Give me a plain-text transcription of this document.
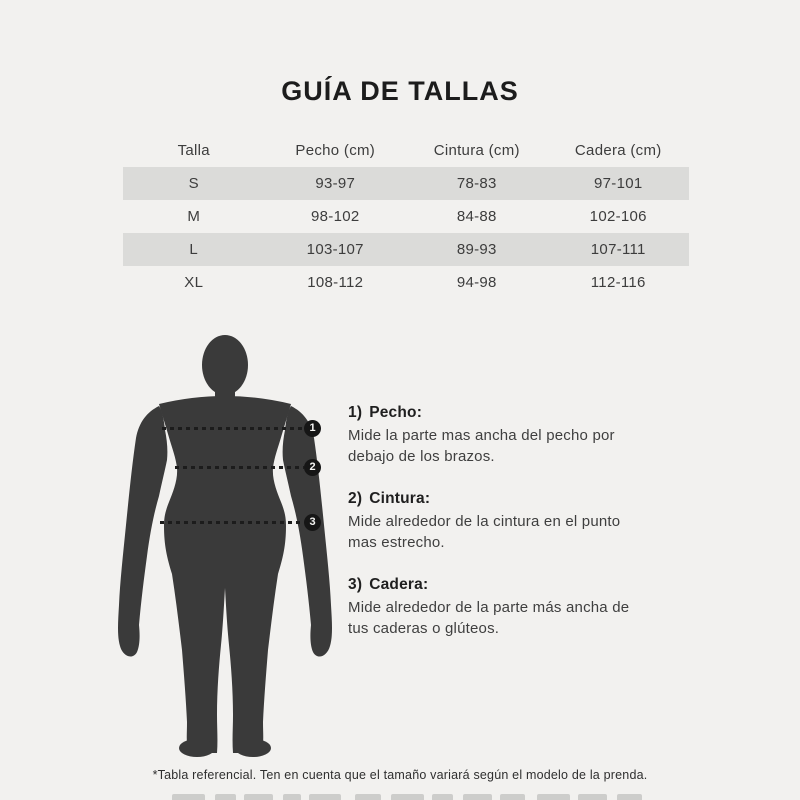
GUÍA DE TALLAS
Talla	Pecho (cm)	Cintura (cm)	Cadera (cm)
S	93-97	78-83	97-101
M	98-102	84-88	102-106
L	103-107	89-93	107-111
XL	108-112	94-98	112-116
1
2
3
1) Pecho:
Mide la parte mas ancha del pecho por
debajo de los brazos.
2) Cintura:
Mide alrededor de la cintura en el punto
mas estrecho.
3) Cadera:
Mide alrededor de la parte más ancha de
tus caderas o glúteos.
*Tabla referencial. Ten en cuenta que el tamaño variará según el modelo de la prenda.
